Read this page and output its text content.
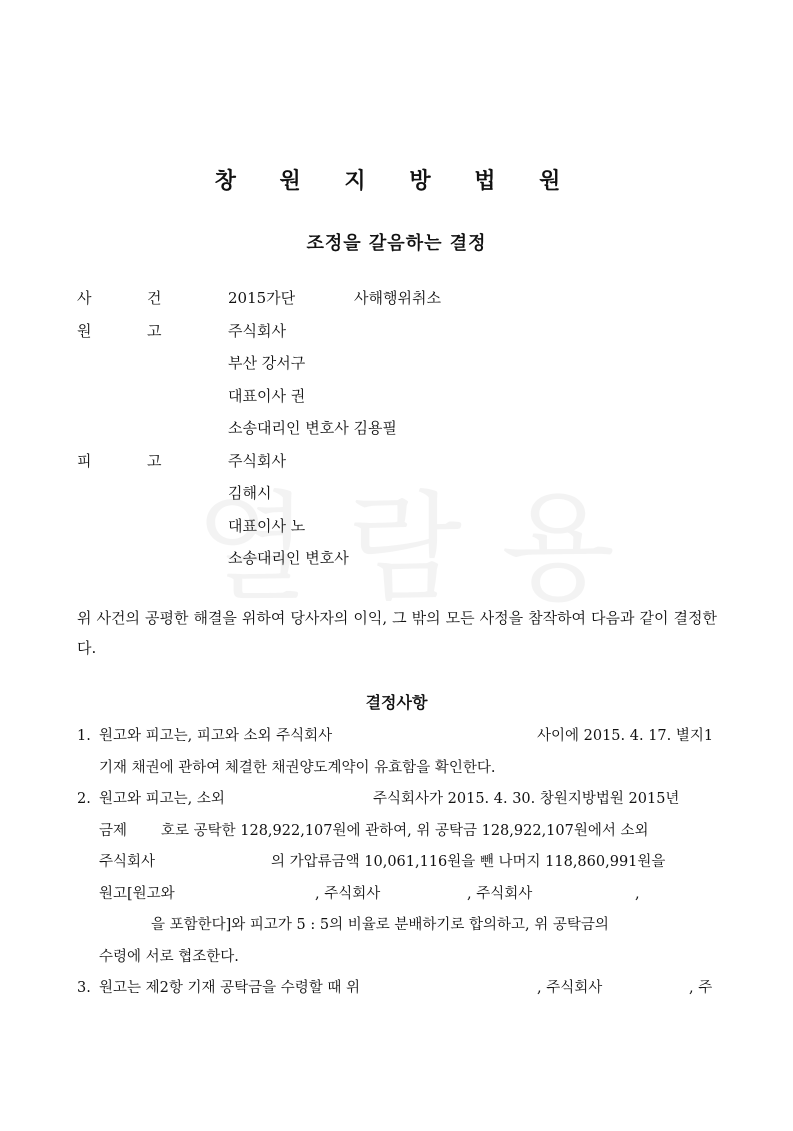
창 원 지 방 법 원
조정을 갈음하는 결정
사	건	2015가단	사해행위취소
원	고	주식회사
부산 강서구
대표이사 권
소송대리인 변호사 김용필
피	고	주식회사
김해시
대표이사 노
소송대리인 변호사
위 사건의 공평한 해결을 위하여 당사자의 이익, 그 밖의 모든 사정을 참작하여 다음과 같이 결정한다.
결정사항
1.

원고와 피고는, 피고와 소외 주식회사

	사이에 2015. 4. 17. 별지1

기재 채권에 관하여 체결한 채권양도계약이 유효함을 확인한다.

2.

원고와 피고는, 소외

	주식회사가 2015. 4. 30. 창원지방법원 2015년

금제

호로 공탁한 128,922,107원에 관하여, 위 공탁금 128,922,107원에서 소외

주식회사

	의 가압류금액 10,061,116원을 뺀 나머지 118,860,991원을

원고[원고와

	, 주식회사

	, 주식회사

	,

을 포함한다]와 피고가 5 : 5의 비율로 분배하기로 합의하고, 위 공탁금의

수령에 서로 협조한다.

3.

원고는 제2항 기재 공탁금을 수령할 때 위

	, 주식회사

	, 주
